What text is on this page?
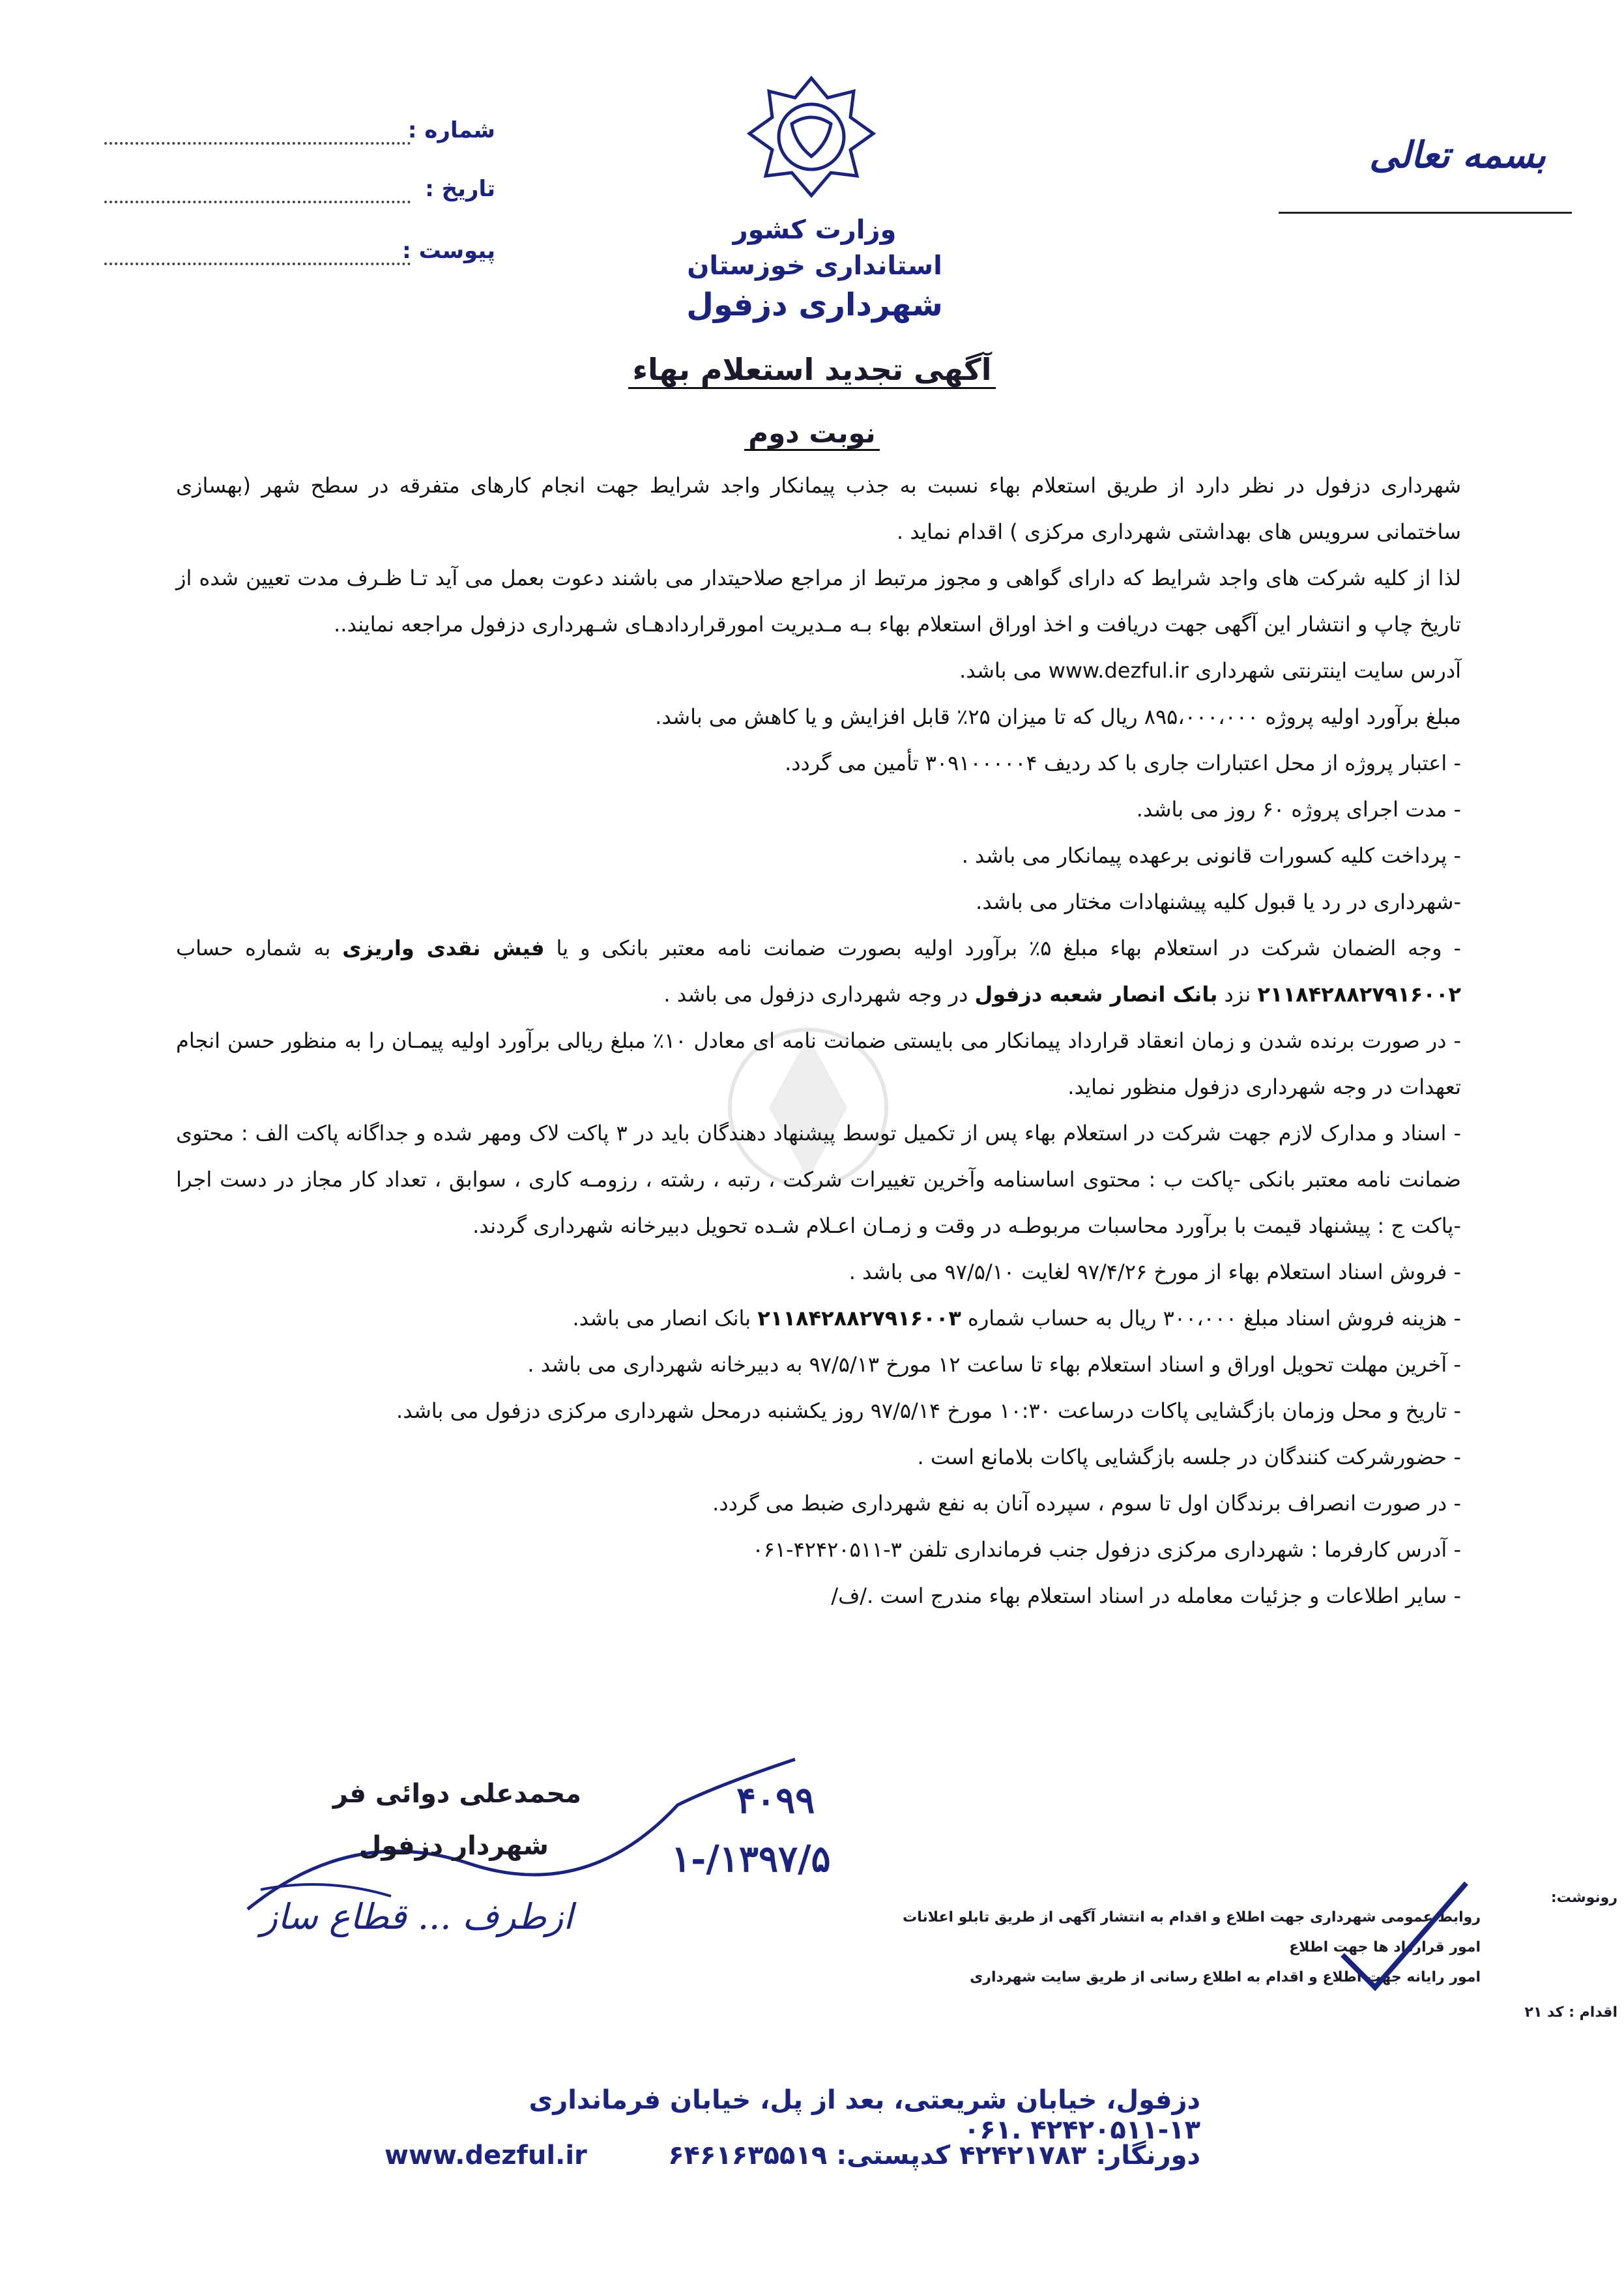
بسمه تعالی
وزارت کشور
استانداری خوزستان
شهرداری دزفول
شماره :
تاریخ :
پیوست :
آگهی تجدید استعلام بهاء
نوبت دوم

شهرداری دزفول در نظر دارد از طریق استعلام بهاء نسبت به جذب پیمانکار واجد شرایط جهت انجام کارهای متفرقه در سطح شهر (بهسازی ساختمانی سرویس های بهداشتی شهرداری مرکزی ) اقدام نماید .

لذا از کلیه شرکت های واجد شرایط که دارای گواهی و مجوز مرتبط از مراجع صلاحیتدار می باشند دعوت بعمل می آید تـا ظـرف مدت تعیین شده از تاریخ چاپ و انتشار این آگهی جهت دریافت و اخذ اوراق استعلام بهاء بـه مـدیریت امورقراردادهـای شـهرداری دزفول مراجعه نمایند..

آدرس سایت اینترنتی شهرداری www.dezful.ir می باشد.

مبلغ برآورد اولیه پروژه ۸۹۵،۰۰۰،۰۰۰ ریال که تا میزان ۲۵٪ قابل افزایش و یا کاهش می باشد.

- اعتبار پروژه از محل اعتبارات جاری با کد ردیف ۳۰۹۱۰۰۰۰۰۴ تأمین می گردد.

- مدت اجرای پروژه ۶۰ روز می باشد.

- پرداخت کلیه کسورات قانونی برعهده پیمانکار می باشد .

-شهرداری در رد یا قبول کلیه پیشنهادات مختار می باشد.

- وجه الضمان شرکت در استعلام بهاء مبلغ ۵٪ برآورد اولیه بصورت ضمانت نامه معتبر بانکی و یا فیش نقدی واریزی به شماره حساب ۲۱۱۸۴۲۸۸۲۷۹۱۶۰۰۲ نزد بانک انصار شعبه دزفول در وجه شهرداری دزفول می باشد .

- در صورت برنده شدن و زمان انعقاد قرارداد پیمانکار می بایستی ضمانت نامه ای معادل ۱۰٪ مبلغ ریالی برآورد اولیه پیمـان را به منظور حسن انجام تعهدات در وجه شهرداری دزفول منظور نماید.

- اسناد و مدارک لازم جهت شرکت در استعلام بهاء پس از تکمیل توسط پیشنهاد دهندگان باید در ۳ پاکت لاک ومهر شده و جداگانه پاکت الف : محتوی ضمانت نامه معتبر بانکی -پاکت ب : محتوی اساسنامه وآخرین تغییرات شرکت ، رتبه ، رشته ، رزومـه کاری ، سوابق ، تعداد کار مجاز در دست اجرا -پاکت ج : پیشنهاد قیمت با برآورد محاسبات مربوطـه در وقت و زمـان اعـلام شـده تحویل دبیرخانه شهرداری گردند.

- فروش اسناد استعلام بهاء از مورخ ۹۷/۴/۲۶ لغایت ۹۷/۵/۱۰ می باشد .

- هزینه فروش اسناد مبلغ ۳۰۰،۰۰۰ ریال به حساب شماره ۲۱۱۸۴۲۸۸۲۷۹۱۶۰۰۳ بانک انصار می باشد.

- آخرین مهلت تحویل اوراق و اسناد استعلام بهاء تا ساعت ۱۲ مورخ ۹۷/۵/۱۳ به دبیرخانه شهرداری می باشد .

- تاریخ و محل وزمان بازگشایی پاکات درساعت ۱۰:۳۰ مورخ ۹۷/۵/۱۴ روز یکشنبه درمحل شهرداری مرکزی دزفول می باشد.

- حضورشرکت کنندگان در جلسه بازگشایی پاکات بلامانع است .

- در صورت انصراف برندگان اول تا سوم ، سپرده آنان به نفع شهرداری ضبط می گردد.

- آدرس کارفرما : شهرداری مرکزی دزفول جنب فرمانداری تلفن ۳-۴۲۴۲۰۵۱۱-۰۶۱

- سایر اطلاعات و جزئیات معامله در اسناد استعلام بهاء مندرج است ./ف/

محمدعلی دوائی فر
شهردار دزفول
ازطرف ... قطاع ساز
۴۰۹۹
۱۳۹۷/۵/-۱
رونوشت:
روابط عمومی شهرداری جهت اطلاع و اقدام به انتشار آگهی از طریق تابلو اعلانات
امور قرارداد ها جهت اطلاع
امور رایانه جهت اطلاع و اقدام به اطلاع رسانی از طریق سایت شهرداری
اقدام : کد ۲۱
دزفول، خیابان شریعتی، بعد از پل، خیابان فرمانداری ۱۳-۴۲۴۲۰۵۱۱ .۰۶۱
دورنگار: ۴۲۴۲۱۷۸۳ کدپستی: ۶۴۶۱۶۳۵۵۱۹
www.dezful.ir
